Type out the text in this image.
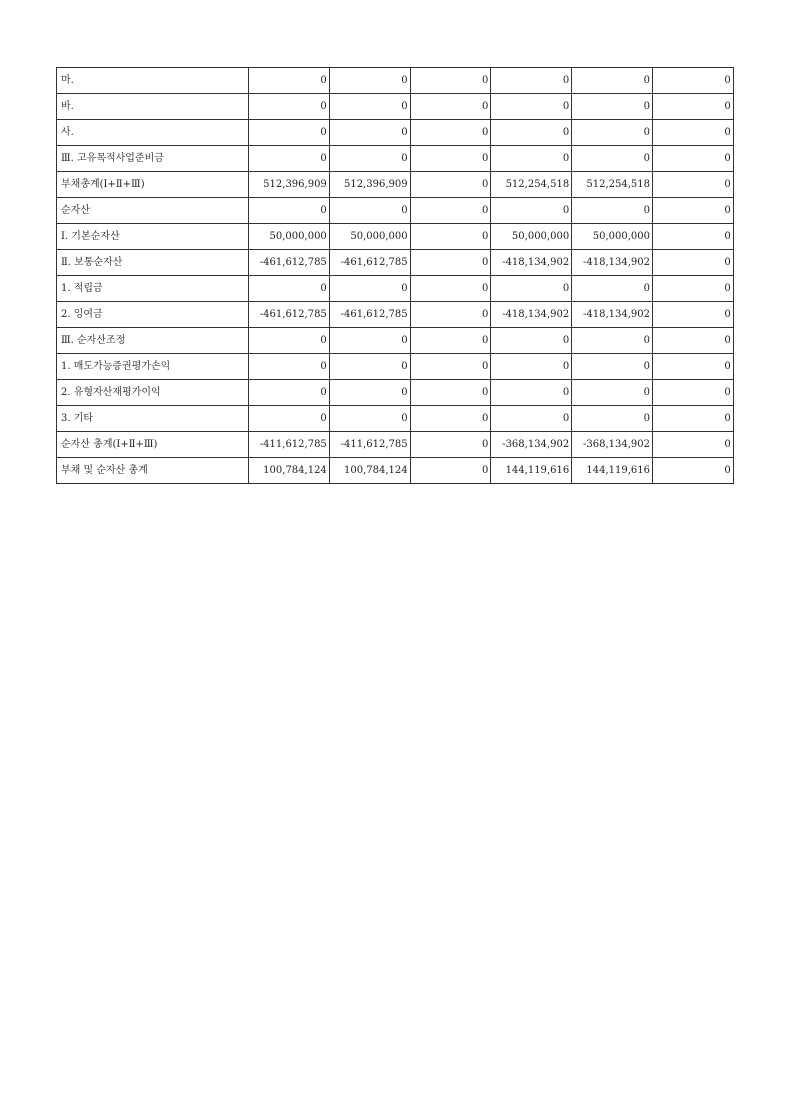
마.	0	0	0	0	0	0
바.	0	0	0	0	0	0
사.	0	0	0	0	0	0
Ⅲ. 고유목적사업준비금	0	0	0	0	0	0
부채총계(Ⅰ+Ⅱ+Ⅲ)	512,396,909	512,396,909	0	512,254,518	512,254,518	0
순자산	0	0	0	0	0	0
Ⅰ. 기본순자산	50,000,000	50,000,000	0	50,000,000	50,000,000	0
Ⅱ. 보통순자산	-461,612,785	-461,612,785	0	-418,134,902	-418,134,902	0
1. 적립금	0	0	0	0	0	0
2. 잉여금	-461,612,785	-461,612,785	0	-418,134,902	-418,134,902	0
Ⅲ. 순자산조정	0	0	0	0	0	0
1. 매도가능증권평가손익	0	0	0	0	0	0
2. 유형자산재평가이익	0	0	0	0	0	0
3. 기타	0	0	0	0	0	0
순자산 총계(Ⅰ+Ⅱ+Ⅲ)	-411,612,785	-411,612,785	0	-368,134,902	-368,134,902	0
부채 및 순자산 총계	100,784,124	100,784,124	0	144,119,616	144,119,616	0
